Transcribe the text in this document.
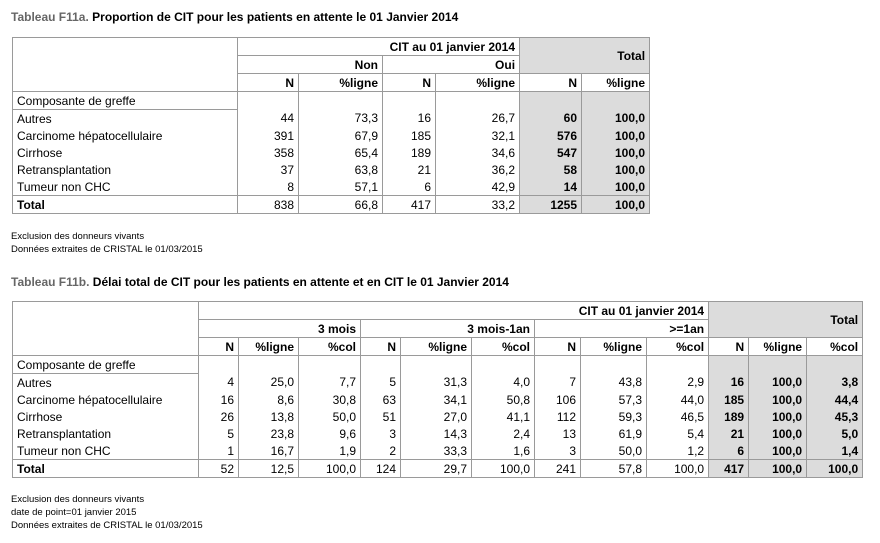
Tableau F11a. Proportion de CIT pour les patients en attente le 01 Janvier 2014
	CIT au 01 janvier 2014				Total	
	Non		Oui			
	N	%ligne	N	%ligne	N	%ligne
Composante de greffe						
Autres	44	73,3	16	26,7	60	100,0
Carcinome hépatocellulaire	391	67,9	185	32,1	576	100,0
Cirrhose	358	65,4	189	34,6	547	100,0
Retransplantation	37	63,8	21	36,2	58	100,0
Tumeur non CHC	8	57,1	6	42,9	14	100,0
Total	838	66,8	417	33,2	1255	100,0
Exclusion des donneurs vivants
Données extraites de CRISTAL le 01/03/2015
Tableau F11b. Délai total de CIT pour les patients en attente et en CIT le 01 Janvier 2014
	CIT au 01 janvier 2014									Total		
	3 mois			3 mois-1an			>=1an					
	N	%ligne	%col	N	%ligne	%col	N	%ligne	%col	N	%ligne	%col
Composante de greffe												
Autres	4	25,0	7,7	5	31,3	4,0	7	43,8	2,9	16	100,0	3,8
Carcinome hépatocellulaire	16	8,6	30,8	63	34,1	50,8	106	57,3	44,0	185	100,0	44,4
Cirrhose	26	13,8	50,0	51	27,0	41,1	112	59,3	46,5	189	100,0	45,3
Retransplantation	5	23,8	9,6	3	14,3	2,4	13	61,9	5,4	21	100,0	5,0
Tumeur non CHC	1	16,7	1,9	2	33,3	1,6	3	50,0	1,2	6	100,0	1,4
Total	52	12,5	100,0	124	29,7	100,0	241	57,8	100,0	417	100,0	100,0
Exclusion des donneurs vivants
date de point=01 janvier 2015
Données extraites de CRISTAL le 01/03/2015
